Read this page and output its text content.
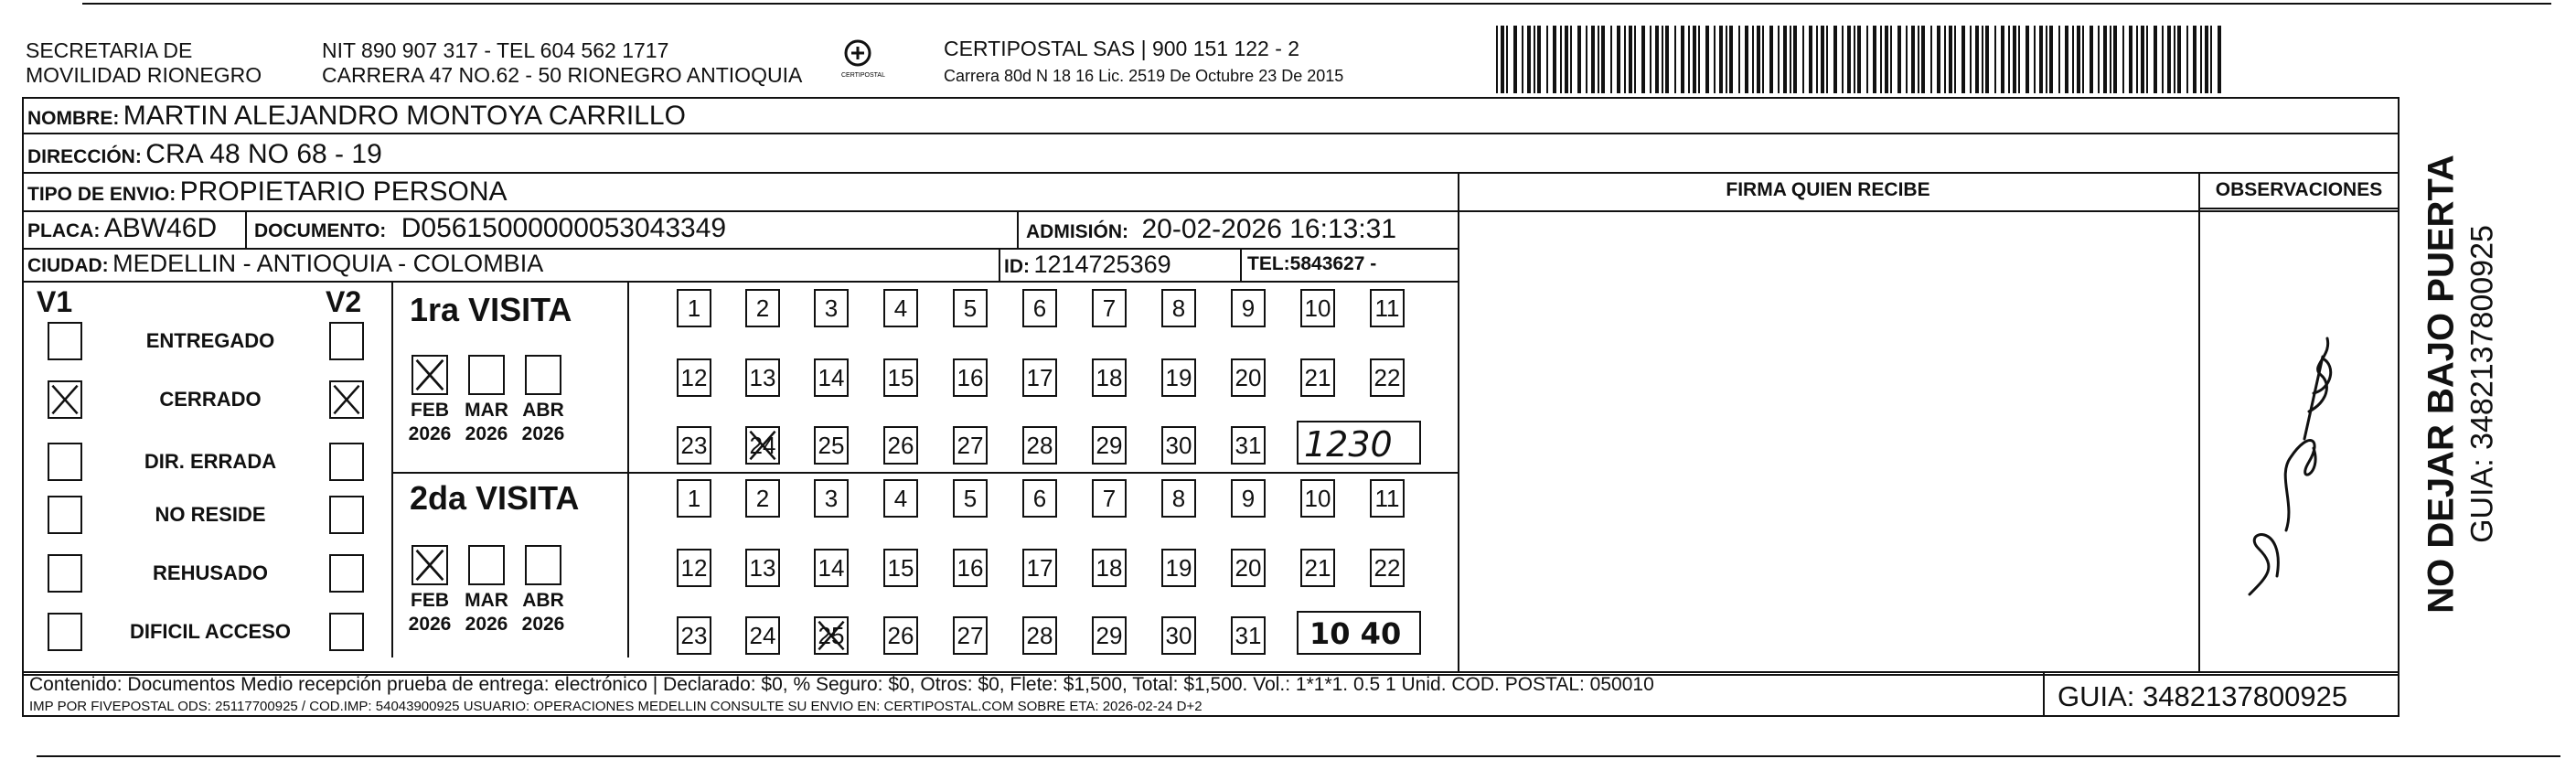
SECRETARIA DE
MOVILIDAD RIONEGRO
NIT 890 907 317 - TEL 604 562 1717
CARRERA 47 NO.62 - 50 RIONEGRO ANTIOQUIA	CERTIPOSTAL
CERTIPOSTAL SAS | 900 151 122 - 2
Carrera 80d N 18 16 Lic. 2519 De Octubre 23 De 2015
NOMBRE: MARTIN ALEJANDRO MONTOYA CARRILLO
DIRECCIÓN: CRA 48 NO 68 - 19
TIPO DE ENVIO: PROPIETARIO PERSONA
PLACA: ABW46D DOCUMENTO: D05615000000053043349	ADMISIÓN: 20-02-2026 16:13:31
CIUDAD: MEDELLIN - ANTIOQUIA - COLOMBIA	ID: 1214725369	TEL:5843627 -
FIRMA QUIEN RECIBE	OBSERVACIONES
V1	V2
ENTREGADO
CERRADO
DIR. ERRADA
NO RESIDE
REHUSADO
DIFICIL ACCESO
1ra VISITA
2da VISITA
1	2	3	4	5	6	7	8	9	10 11
12 13 14 15 16 17 18 19 20 21 22
23 24 25 26 27 28 29 30 31
FEB
2026
MAR
2026
ABR
2026
1	2	3	4	5	6	7	8	9	10 11
12 13 14 15 16 17 18 19 20 21 22
23 24 25 26 27 28 29 30 31
FEB
2026
MAR
2026
ABR
2026
1230
10 40
Contenido: Documentos Medio recepción prueba de entrega: electrónico | Declarado: $0, % Seguro: $0, Otros: $0, Flete: $1,500, Total: $1,500. Vol.: 1*1*1. 0.5 1 Unid. COD. POSTAL: 050010
IMP POR FIVEPOSTAL ODS: 25117700925 / COD.IMP: 54043900925 USUARIO: OPERACIONES MEDELLIN CONSULTE SU ENVIO EN: CERTIPOSTAL.COM SOBRE ETA: 2026-02-24 D+2	GUIA: 3482137800925
NO DEJAR BAJO PUERTA GUIA: 3482137800925
